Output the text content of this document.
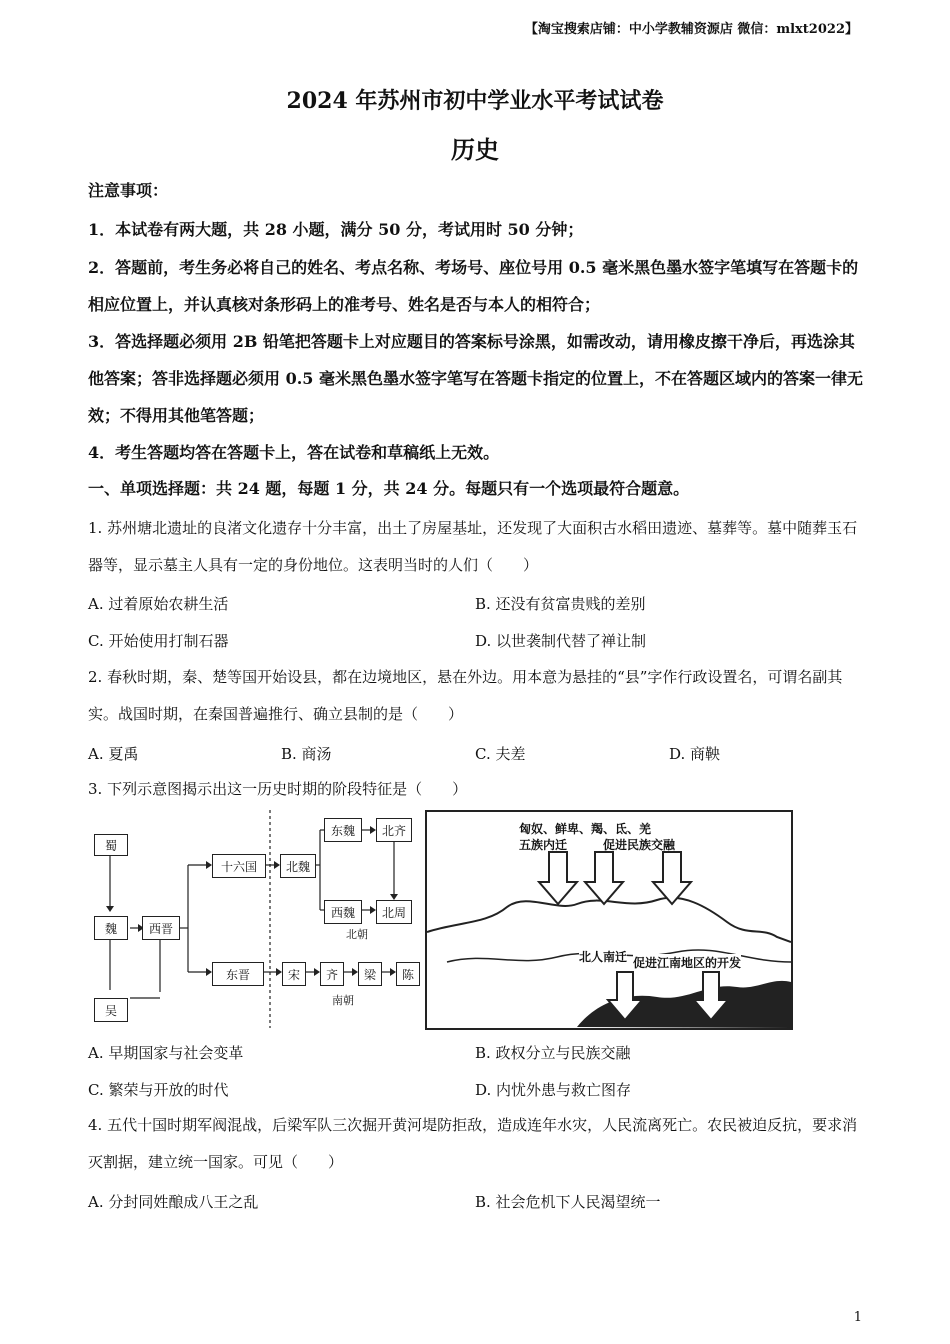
【淘宝搜索店铺：中小学教辅资源店 微信：mlxt2022】
2024 年苏州市初中学业水平考试试卷
历史
注意事项：
1．本试卷有两大题，共 28 小题，满分 50 分，考试用时 50 分钟；
2．答题前，考生务必将自己的姓名、考点名称、考场号、座位号用 0.5 毫米黑色墨水签字笔填写在答题卡的相应位置上，并认真核对条形码上的准考号、姓名是否与本人的相符合；
3．答选择题必须用 2B 铅笔把答题卡上对应题目的答案标号涂黑，如需改动，请用橡皮擦干净后，再选涂其他答案；答非选择题必须用 0.5 毫米黑色墨水签字笔写在答题卡指定的位置上，不在答题区域内的答案一律无效；不得用其他笔答题；
4．考生答题均答在答题卡上，答在试卷和草稿纸上无效。
一、单项选择题：共 24 题，每题 1 分，共 24 分。每题只有一个选项最符合题意。
1. 苏州塘北遗址的良渚文化遗存十分丰富，出土了房屋基址，还发现了大面积古水稻田遗迹、墓葬等。墓中随葬玉石器等，显示墓主人具有一定的身份地位。这表明当时的人们（　　）
A. 过着原始农耕生活	B. 还没有贫富贵贱的差别
C. 开始使用打制石器	D. 以世袭制代替了禅让制
2. 春秋时期，秦、楚等国开始设县，都在边境地区，悬在外边。用本意为悬挂的“县”字作行政设置名，可谓名副其实。战国时期，在秦国普遍推行、确立县制的是（　　）
A. 夏禹	B. 商汤	C. 夫差	D. 商鞅
3. 下列示意图揭示出这一历史时期的阶段特征是（　　）
蜀
魏
吴
西晋
十六国
东晋
北魏
东魏	北齐
西魏	北周
北朝
宋	齐	梁	陈
南朝
匈奴、鲜卑、羯、氐、羌
五族内迁	促进民族交融
北人南迁 促进江南地区的开发
A. 早期国家与社会变革	B. 政权分立与民族交融
C. 繁荣与开放的时代	D. 内忧外患与救亡图存
4. 五代十国时期军阀混战，后梁军队三次掘开黄河堤防拒敌，造成连年水灾，人民流离死亡。农民被迫反抗，要求消灭割据，建立统一国家。可见（　　）
A. 分封同姓酿成八王之乱	B. 社会危机下人民渴望统一
1
